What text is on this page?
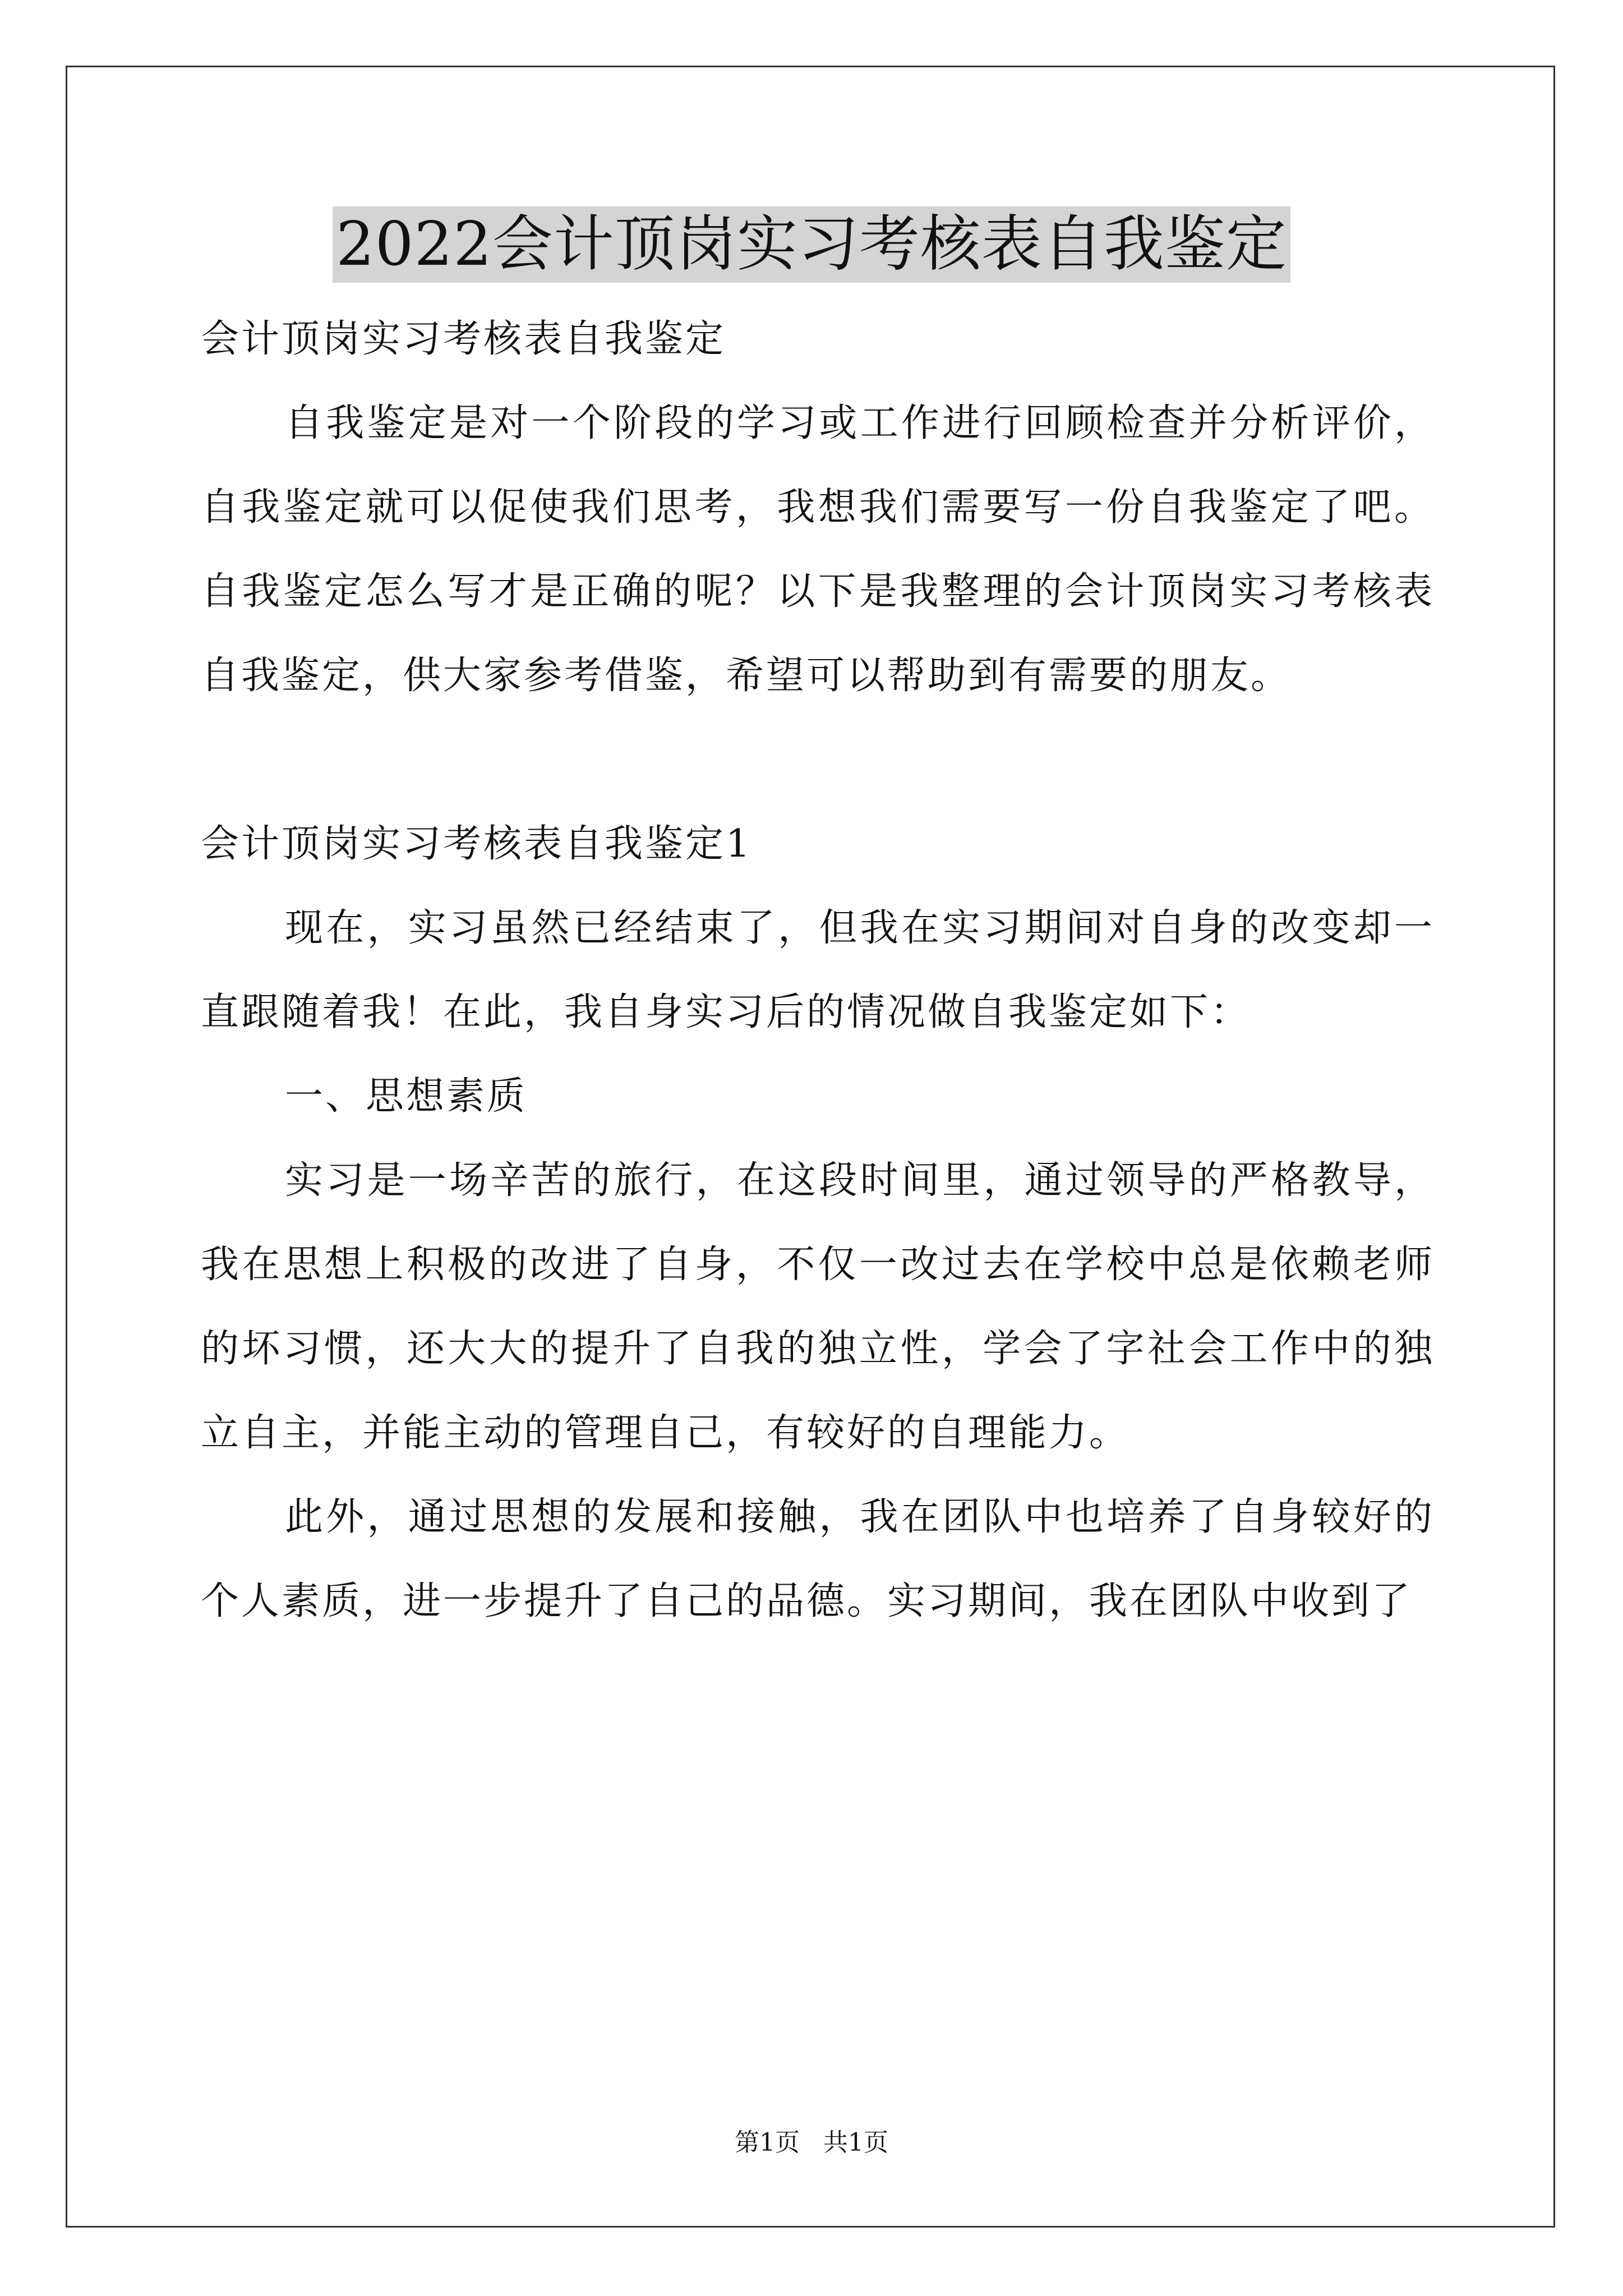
2022会计顶岗实习考核表自我鉴定

会计顶岗实习考核表自我鉴定

自我鉴定是对一个阶段的学习或工作进行回顾检查并分析评价，自我鉴定就可以促使我们思考，我想我们需要写一份自我鉴定了吧。自我鉴定怎么写才是正确的呢？以下是我整理的会计顶岗实习考核表自我鉴定，供大家参考借鉴，希望可以帮助到有需要的朋友。

会计顶岗实习考核表自我鉴定1

现在，实习虽然已经结束了，但我在实习期间对自身的改变却一直跟随着我！在此，我自身实习后的情况做自我鉴定如下：

一、思想素质

实习是一场辛苦的旅行，在这段时间里，通过领导的严格教导，我在思想上积极的改进了自身，不仅一改过去在学校中总是依赖老师的坏习惯，还大大的提升了自我的独立性，学会了字社会工作中的独立自主，并能主动的管理自己，有较好的自理能力。

此外，通过思想的发展和接触，我在团队中也培养了自身较好的个人素质，进一步提升了自己的品德。实习期间，我在团队中收到了

第1页   共1页
